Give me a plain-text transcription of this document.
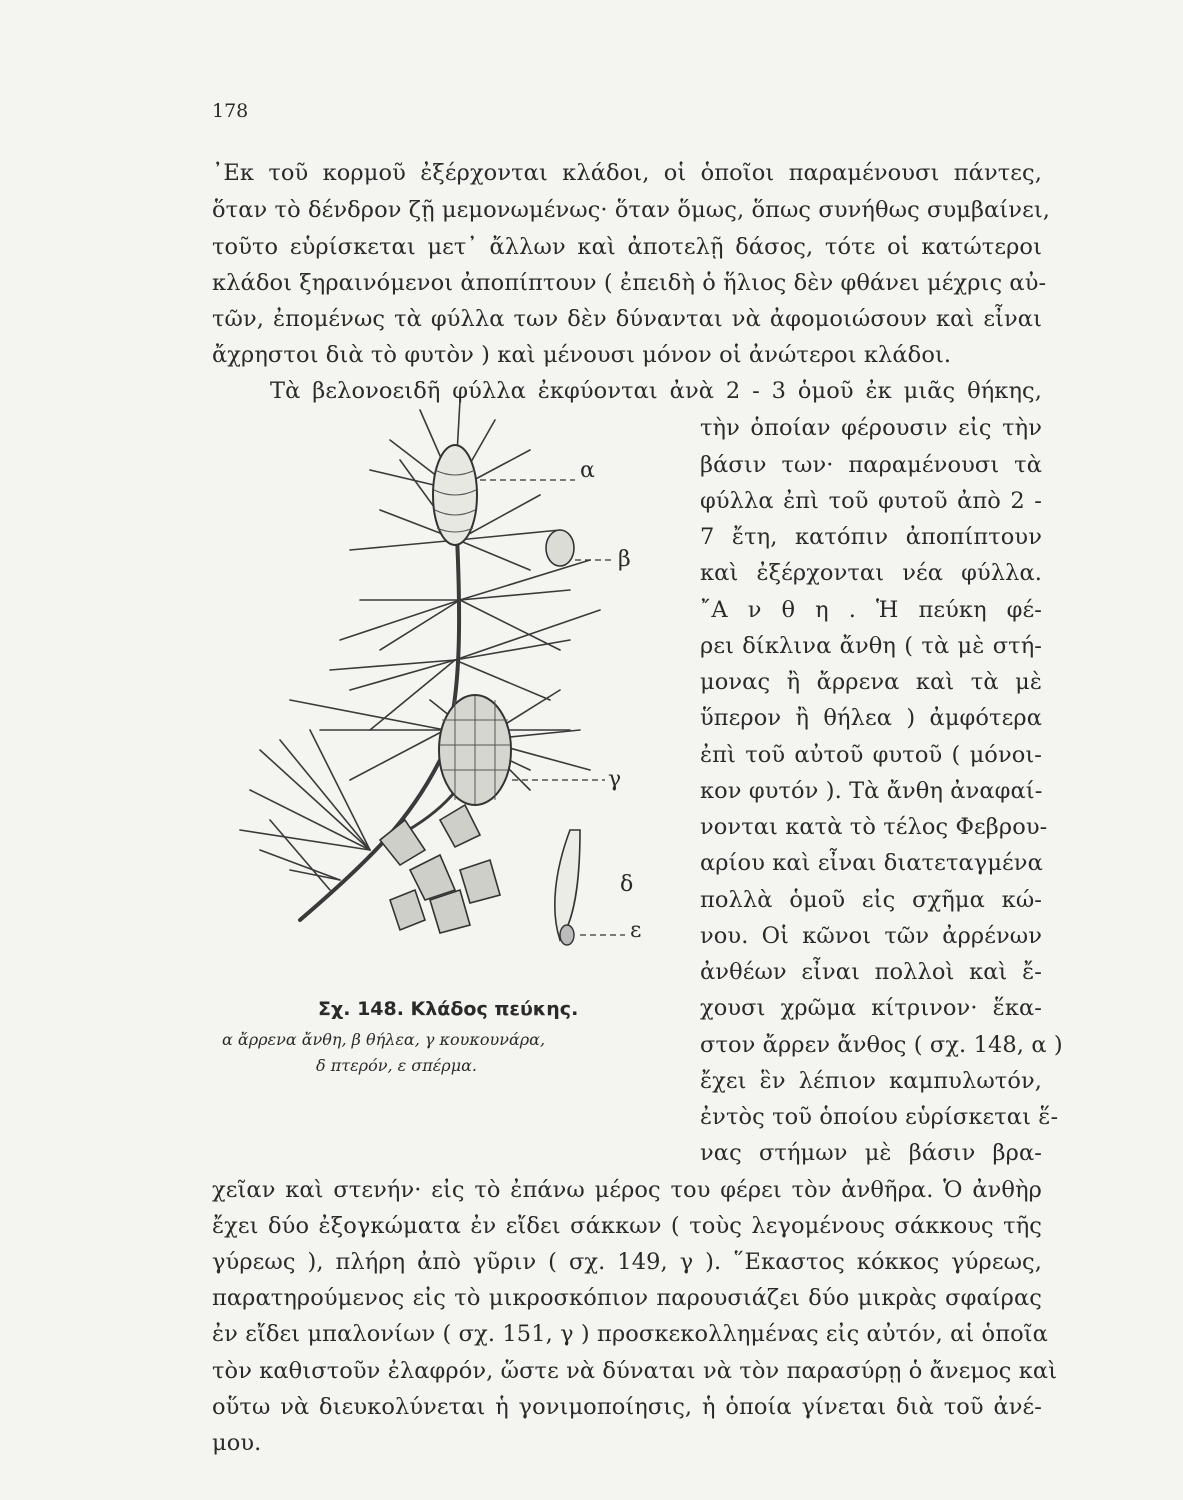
178
᾿Εκ τοῦ κορμοῦ ἐξέρχονται κλάδοι, οἱ ὁποῖοι παραμένουσι πάντες,
ὅταν τὸ δένδρον ζῇ μεμονωμένως· ὅταν ὅμως, ὅπως συνήθως συμβαίνει,
τοῦτο εὑρίσκεται μετ᾿ ἄλλων καὶ ἀποτελῇ δάσος, τότε οἱ κατώτεροι
κλάδοι ξηραινόμενοι ἀποπίπτουν ( ἐπειδὴ ὁ ἥλιος δὲν φθάνει μέχρις αὐ-
τῶν, ἐπομένως τὰ φύλλα των δὲν δύνανται νὰ ἀφομοιώσουν καὶ εἶναι
ἄχρηστοι διὰ τὸ φυτὸν ) καὶ μένουσι μόνον οἱ ἀνώτεροι κλάδοι.
Τὰ βελονοειδῆ φύλλα ἐκφύονται ἀνὰ 2 - 3 ὁμοῦ ἐκ μιᾶς θήκης,
τὴν ὁποίαν φέρουσιν εἰς τὴν
βάσιν των· παραμένουσι τὰ
φύλλα ἐπὶ τοῦ φυτοῦ ἀπὸ 2 -
7 ἔτη, κατόπιν ἀποπίπτουν
καὶ ἐξέρχονται νέα φύλλα.
῎Α ν θ η . Ἡ πεύκη φέ-
ρει δίκλινα ἄνθη ( τὰ μὲ στή-
μονας ἢ ἄρρενα καὶ τὰ μὲ
ὕπερον ἢ θήλεα ) ἀμφότερα
ἐπὶ τοῦ αὐτοῦ φυτοῦ ( μόνοι-
κον φυτόν ). Τὰ ἄνθη ἀναφαί-
νονται κατὰ τὸ τέλος Φεβρου-
αρίου καὶ εἶναι διατεταγμένα
πολλὰ ὁμοῦ εἰς σχῆμα κώ-
νου. Οἱ κῶνοι τῶν ἀρρένων
ἀνθέων εἶναι πολλοὶ καὶ ἔ-
χουσι χρῶμα κίτρινον· ἕκα-
στον ἄρρεν ἄνθος ( σχ. 148, α )
ἔχει ἓν λέπιον καμπυλωτόν,
ἐντὸς τοῦ ὁποίου εὑρίσκεται ἕ-
νας στήμων μὲ βάσιν βρα-
χεῖαν καὶ στενήν· εἰς τὸ ἐπάνω μέρος του φέρει τὸν ἀνθῆρα. Ὁ ἀνθὴρ
ἔχει δύο ἐξογκώματα ἐν εἴδει σάκκων ( τοὺς λεγομένους σάκκους τῆς
γύρεως ), πλήρη ἀπὸ γῦριν ( σχ. 149, γ ). ῞Εκαστος κόκκος γύρεως,
παρατηρούμενος εἰς τὸ μικροσκόπιον παρουσιάζει δύο μικρὰς σφαίρας
ἐν εἴδει μπαλονίων ( σχ. 151, γ ) προσκεκολλημένας εἰς αὐτόν, αἱ ὁποῖα
τὸν καθιστοῦν ἐλαφρόν, ὥστε νὰ δύναται νὰ τὸν παρασύρῃ ὁ ἄνεμος καὶ
οὕτω νὰ διευκολύνεται ἡ γονιμοποίησις, ἡ ὁποία γίνεται διὰ τοῦ ἀνέ-
μου.
α
β
γ
δ
ε
Σχ. 148. Κλάδος πεύκης.
α ἄρρενα ἄνθη, β θήλεα, γ κουκουνάρα,
δ πτερόν, ε σπέρμα.
